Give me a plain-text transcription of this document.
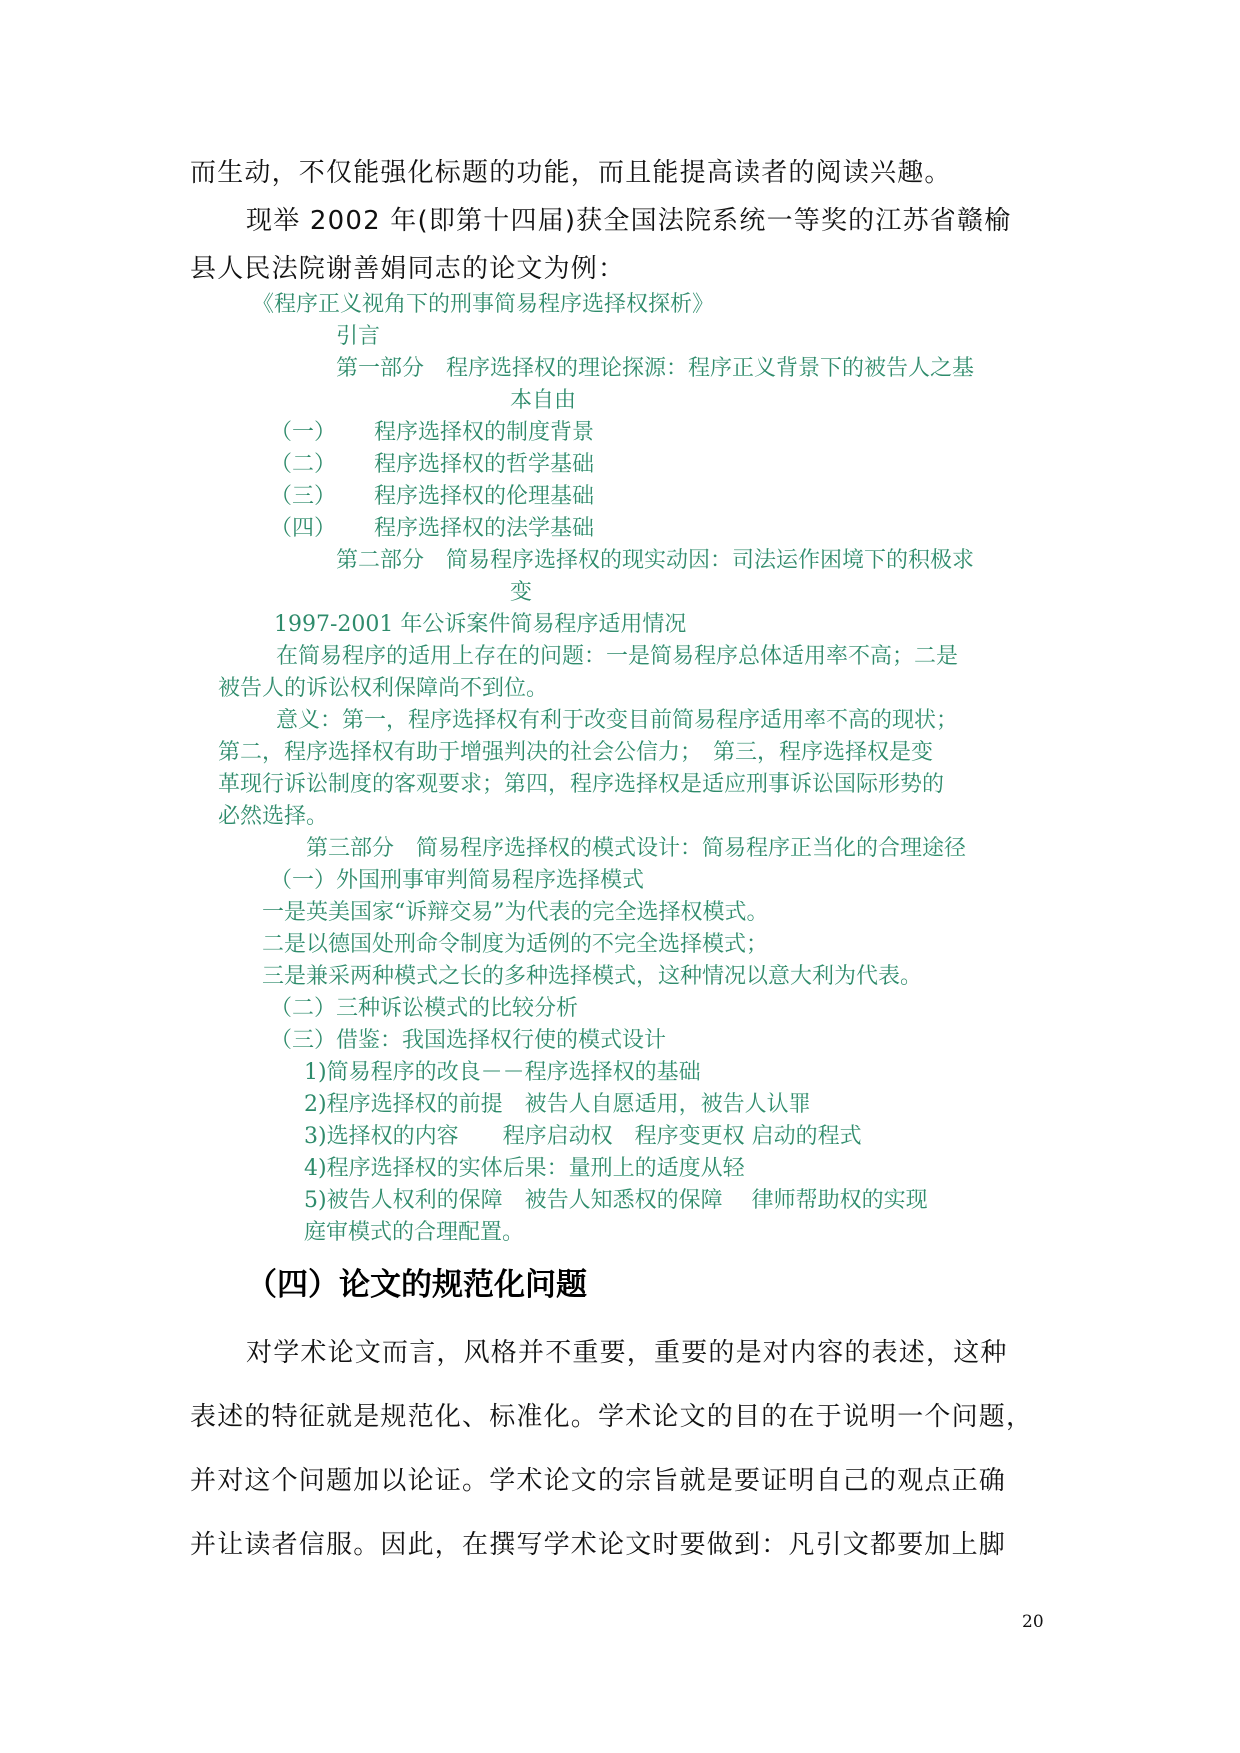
而生动，不仅能强化标题的功能，而且能提高读者的阅读兴趣。

现举 2002 年(即第十四届)获全国法院系统一等奖的江苏省赣榆

县人民法院谢善娟同志的论文为例：

《程序正义视角下的刑事简易程序选择权探析》

引言

第一部分　程序选择权的理论探源：程序正义背景下的被告人之基

本自由

（一） 程序选择权的制度背景

（二） 程序选择权的哲学基础

（三） 程序选择权的伦理基础

（四） 程序选择权的法学基础

第二部分　简易程序选择权的现实动因：司法运作困境下的积极求

变

1997-2001 年公诉案件简易程序适用情况

在简易程序的适用上存在的问题：一是简易程序总体适用率不高；二是

被告人的诉讼权利保障尚不到位。

意义：第一，程序选择权有利于改变目前简易程序适用率不高的现状；

第二，程序选择权有助于增强判决的社会公信力；　第三，程序选择权是变

革现行诉讼制度的客观要求；第四，程序选择权是适应刑事诉讼国际形势的

必然选择。

第三部分　简易程序选择权的模式设计：简易程序正当化的合理途径

（一）外国刑事审判简易程序选择模式

一是英美国家“诉辩交易”为代表的完全选择权模式。

二是以德国处刑命令制度为适例的不完全选择模式；

三是兼采两种模式之长的多种选择模式，这种情况以意大利为代表。

（二）三种诉讼模式的比较分析

（三）借鉴：我国选择权行使的模式设计

1)简易程序的改良－－程序选择权的基础

2)程序选择权的前提　被告人自愿适用，被告人认罪

3)选择权的内容　　程序启动权　程序变更权 启动的程式

4)程序选择权的实体后果：量刑上的适度从轻

5)被告人权利的保障　被告人知悉权的保障　 律师帮助权的实现

庭审模式的合理配置。

（四）论文的规范化问题

对学术论文而言，风格并不重要，重要的是对内容的表述，这种

表述的特征就是规范化、标准化。学术论文的目的在于说明一个问题，

并对这个问题加以论证。学术论文的宗旨就是要证明自己的观点正确

并让读者信服。因此，在撰写学术论文时要做到：凡引文都要加上脚

20
